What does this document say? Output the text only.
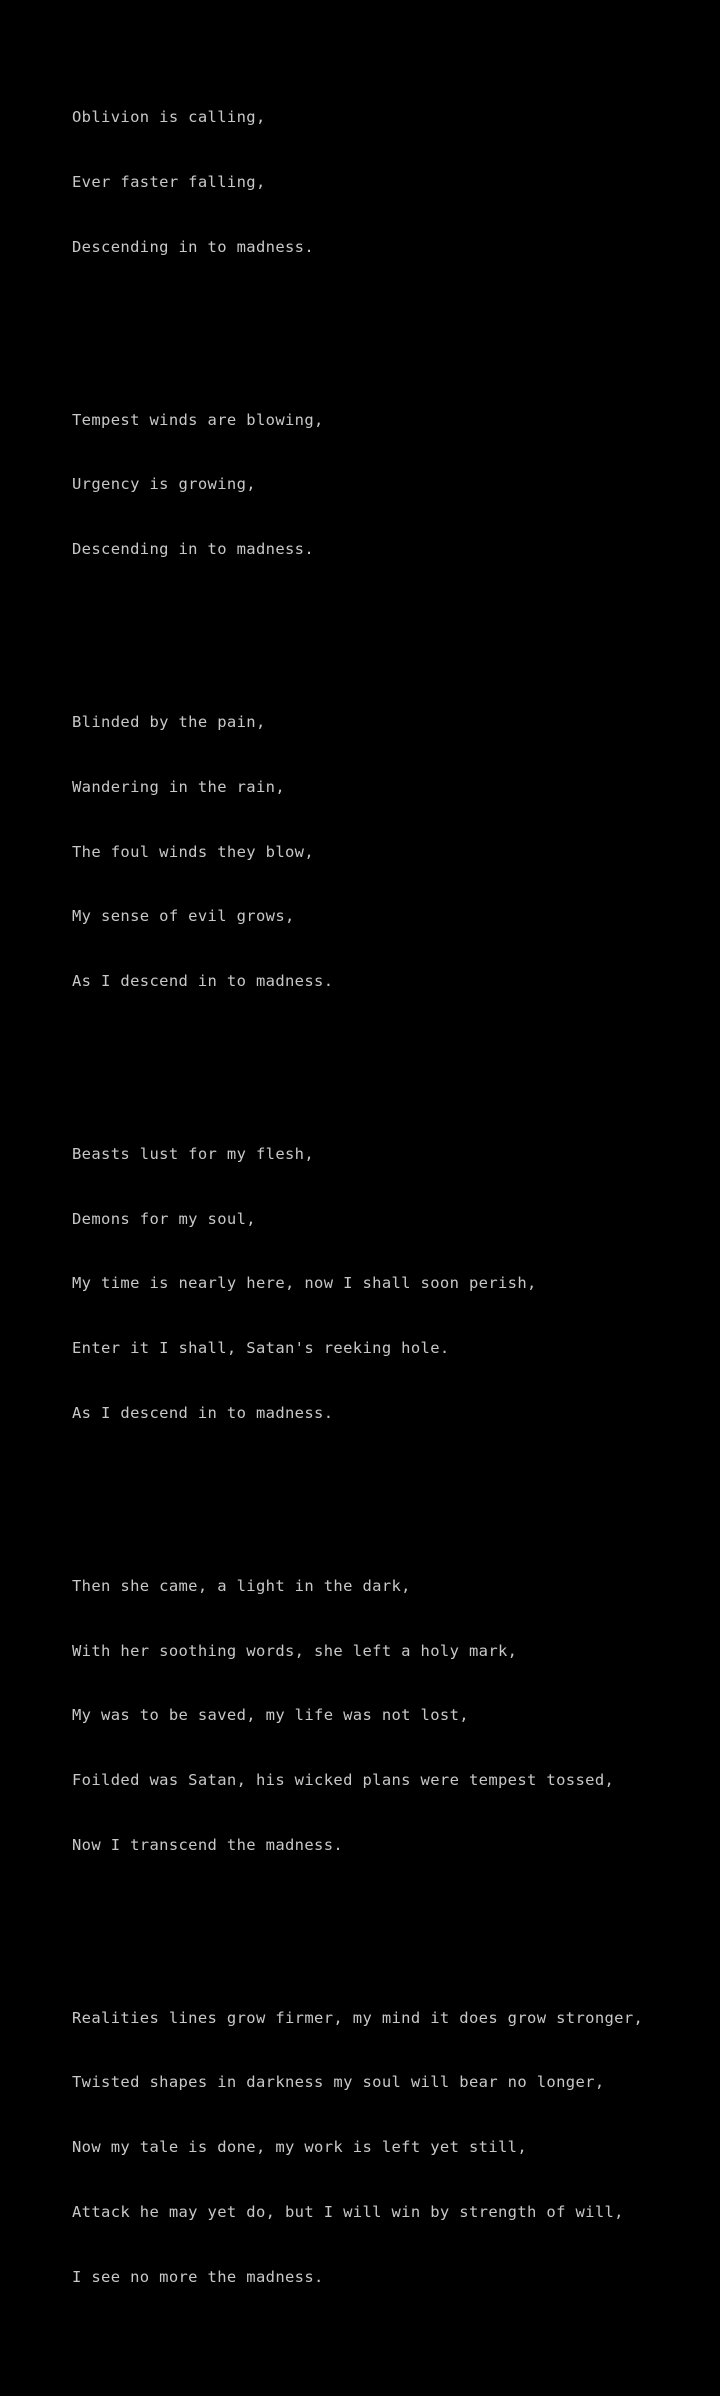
Oblivion is calling,

Ever faster falling,

Descending in to madness.

Tempest winds are blowing,

Urgency is growing,

Descending in to madness.

Blinded by the pain,

Wandering in the rain,

The foul winds they blow,

My sense of evil grows,

As I descend in to madness.

Beasts lust for my flesh,

Demons for my soul,

My time is nearly here, now I shall soon perish,

Enter it I shall, Satan's reeking hole.

As I descend in to madness.

Then she came, a light in the dark,

With her soothing words, she left a holy mark,

My was to be saved, my life was not lost,

Foilded was Satan, his wicked plans were tempest tossed,

Now I transcend the madness.

Realities lines grow firmer, my mind it does grow stronger,

Twisted shapes in darkness my soul will bear no longer,

Now my tale is done, my work is left yet still,

Attack he may yet do, but I will win by strength of will,

I see no more the madness.
